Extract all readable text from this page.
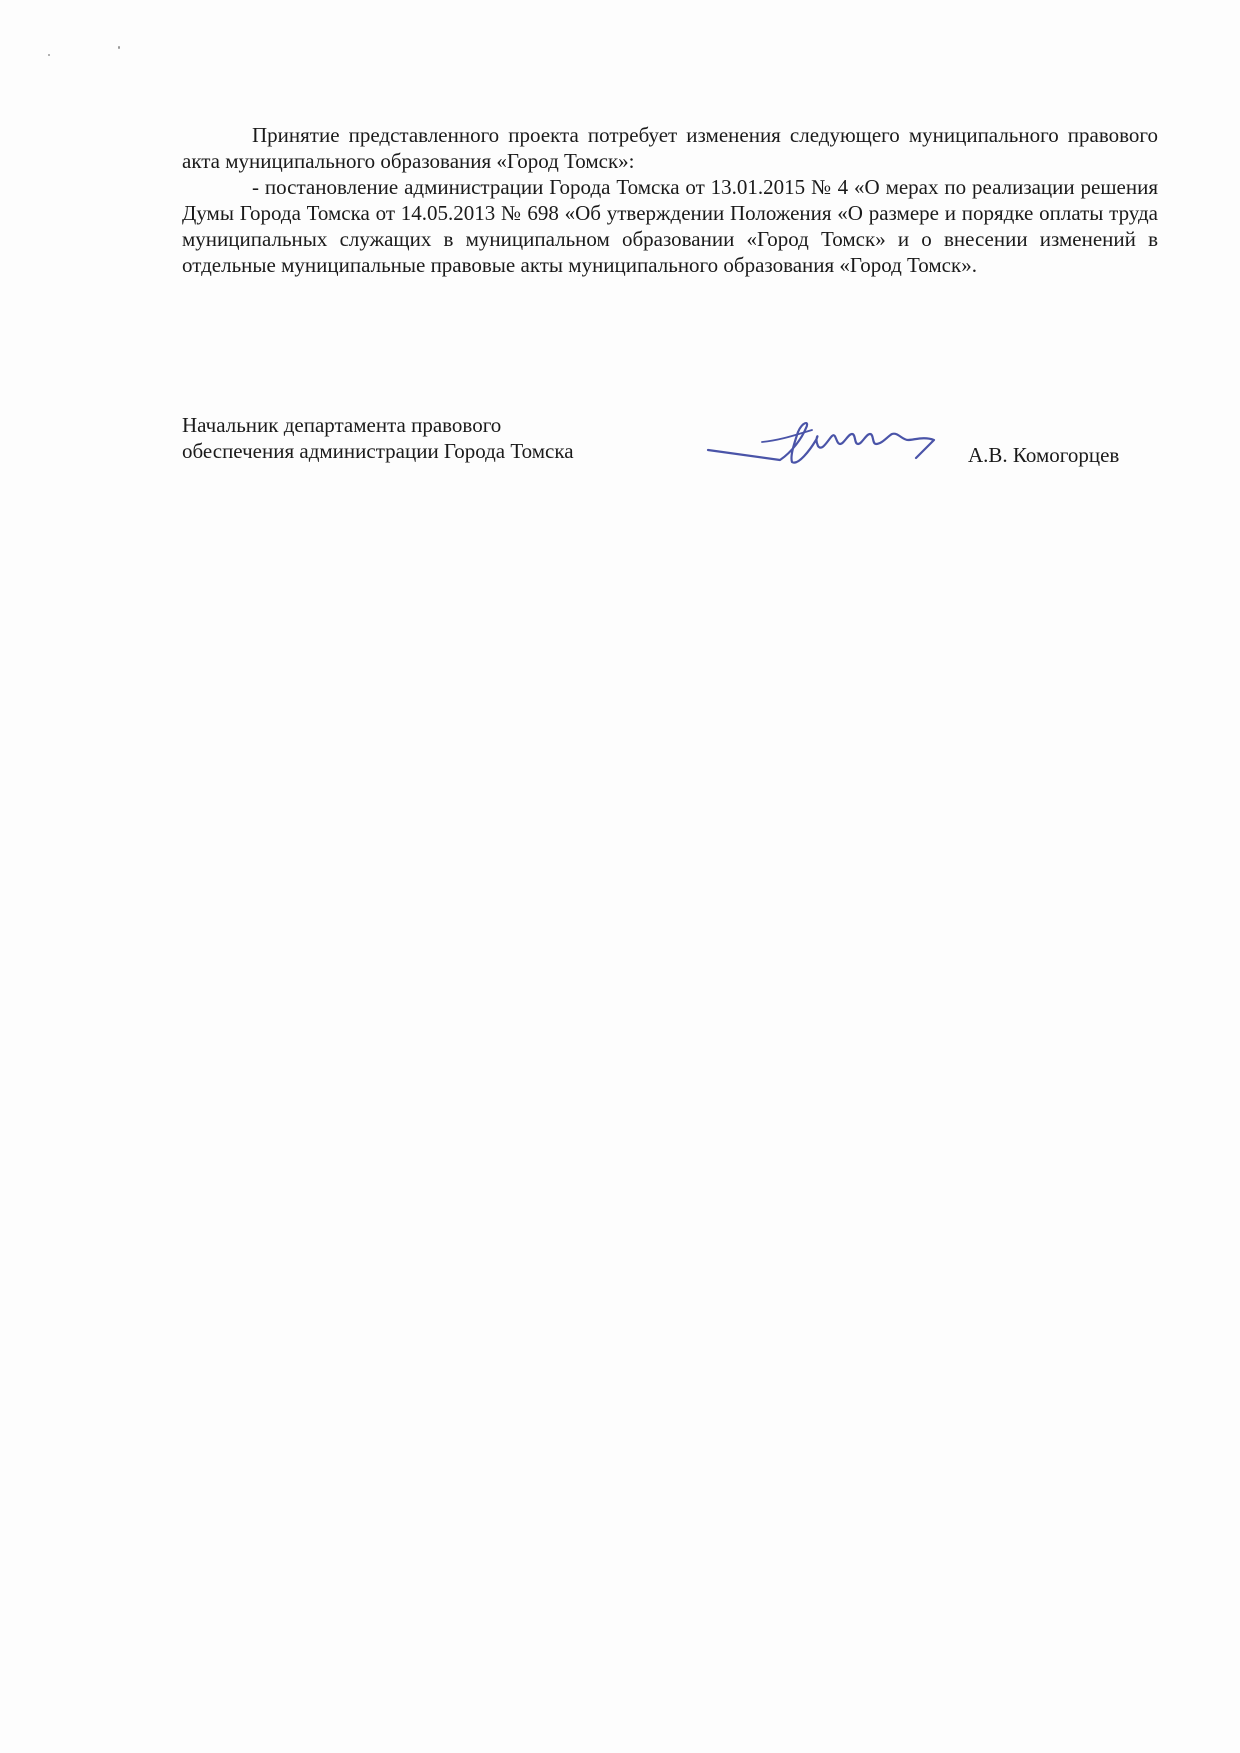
Принятие представленного проекта потребует изменения следующего муниципального правового акта муниципального образования «Город Томск»:

- постановление администрации Города Томска от 13.01.2015 № 4 «О мерах по реализации решения Думы Города Томска от 14.05.2013 № 698 «Об утверждении Положения «О размере и порядке оплаты труда муниципальных служащих в муниципальном образовании «Город Томск» и о внесении изменений в отдельные муниципальные правовые акты муниципального образования «Город Томск».

Начальник департамента правового
обеспечения администрации Города Томска	А.В. Комогорцев
